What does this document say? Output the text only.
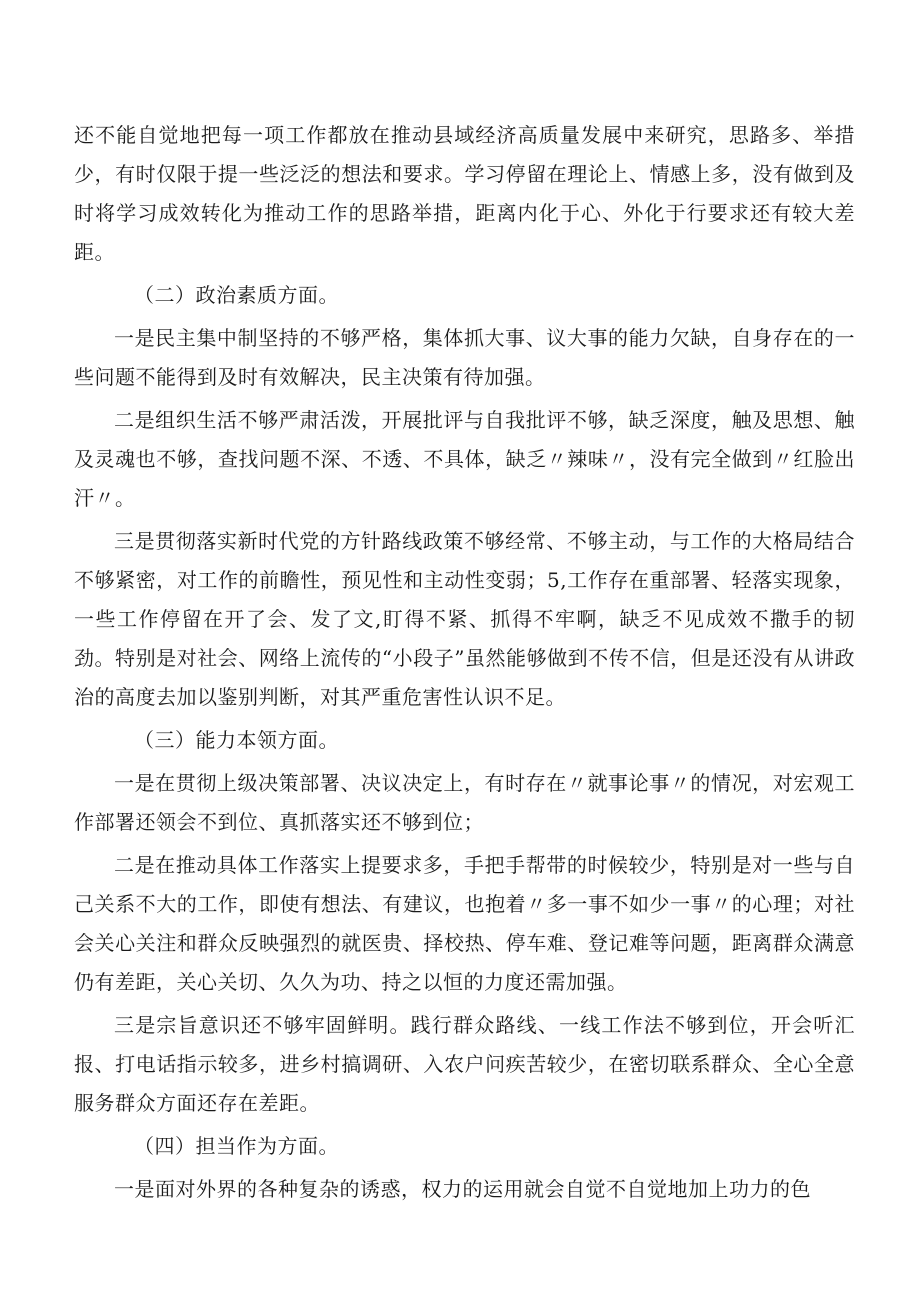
还不能自觉地把每一项工作都放在推动县域经济高质量发展中来研究，思路多、举措少，有时仅限于提一些泛泛的想法和要求。学习停留在理论上、情感上多，没有做到及时将学习成效转化为推动工作的思路举措，距离内化于心、外化于行要求还有较大差距。

（二）政治素质方面。

一是民主集中制坚持的不够严格，集体抓大事、议大事的能力欠缺，自身存在的一些问题不能得到及时有效解决，民主决策有待加强。

二是组织生活不够严肃活泼，开展批评与自我批评不够，缺乏深度，触及思想、触及灵魂也不够，查找问题不深、不透、不具体，缺乏〃辣味〃，没有完全做到〃红脸出汗〃。

三是贯彻落实新时代党的方针路线政策不够经常、不够主动，与工作的大格局结合不够紧密，对工作的前瞻性，预见性和主动性变弱；5,工作存在重部署、轻落实现象，一些工作停留在开了会、发了文,盯得不紧、抓得不牢啊，缺乏不见成效不撒手的韧劲。特别是对社会、网络上流传的“小段子”虽然能够做到不传不信，但是还没有从讲政治的高度去加以鉴别判断，对其严重危害性认识不足。

（三）能力本领方面。

一是在贯彻上级决策部署、决议决定上，有时存在〃就事论事〃的情况，对宏观工作部署还领会不到位、真抓落实还不够到位；

二是在推动具体工作落实上提要求多，手把手帮带的时候较少，特别是对一些与自己关系不大的工作，即使有想法、有建议，也抱着〃多一事不如少一事〃的心理；对社会关心关注和群众反映强烈的就医贵、择校热、停车难、登记难等问题，距离群众满意仍有差距，关心关切、久久为功、持之以恒的力度还需加强。

三是宗旨意识还不够牢固鲜明。践行群众路线、一线工作法不够到位，开会听汇报、打电话指示较多，进乡村搞调研、入农户问疾苦较少，在密切联系群众、全心全意服务群众方面还存在差距。

（四）担当作为方面。

一是面对外界的各种复杂的诱惑，权力的运用就会自觉不自觉地加上功力的色
